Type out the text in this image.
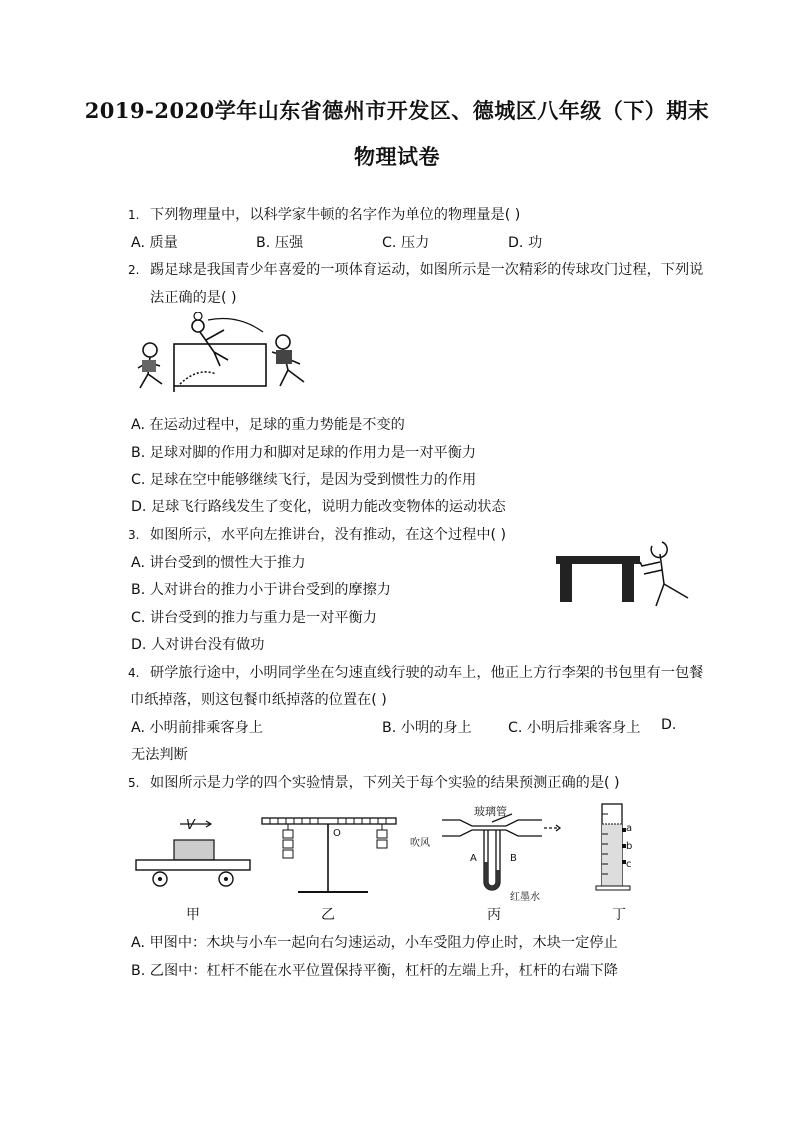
2019-2020学年山东省德州市开发区、德城区八年级（下）期末
物理试卷
1. 下列物理量中，以科学家牛顿的名字作为单位的物理量是( )
A. 质量	B. 压强	C. 压力	D. 功
2. 踢足球是我国青少年喜爱的一项体育运动，如图所示是一次精彩的传球攻门过程，下列说
法正确的是( )
A. 在运动过程中，足球的重力势能是不变的
B. 足球对脚的作用力和脚对足球的作用力是一对平衡力
C. 足球在空中能够继续飞行，是因为受到惯性力的作用
D. 足球飞行路线发生了变化，说明力能改变物体的运动状态
3. 如图所示，水平向左推讲台，没有推动，在这个过程中( )
A. 讲台受到的惯性大于推力
B. 人对讲台的推力小于讲台受到的摩擦力
C. 讲台受到的推力与重力是一对平衡力
D. 人对讲台没有做功
4. 研学旅行途中，小明同学坐在匀速直线行驶的动车上，他正上方行李架的书包里有一包餐
巾纸掉落，则这包餐巾纸掉落的位置在( )
A. 小明前排乘客身上	B. 小明的身上	C. 小明后排乘客身上 D.
无法判断
5. 如图所示是力学的四个实验情景，下列关于每个实验的结果预测正确的是( )
V
O
玻璃管
吹风
A	B
红墨水
a
b
c
甲	乙	丙	丁
A. 甲图中：木块与小车一起向右匀速运动，小车受阻力停止时，木块一定停止
B. 乙图中：杠杆不能在水平位置保持平衡，杠杆的左端上升，杠杆的右端下降
